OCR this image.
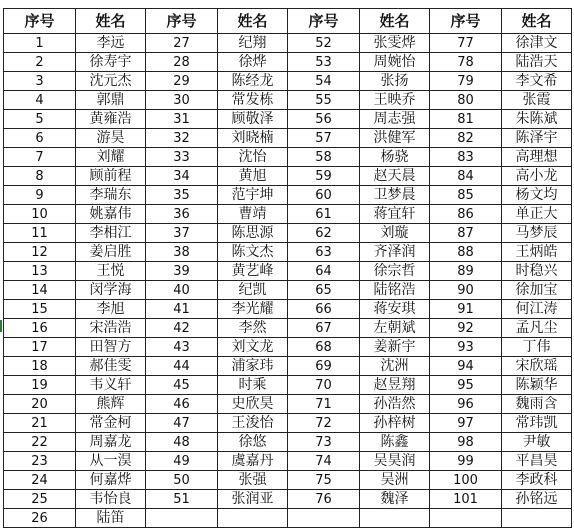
序号	姓名	序号	姓名	序号	姓名	序号	姓名
1	李远	27	纪翔	52	张雯烨	77	徐津文
2	徐寿宇	28	徐烨	53	周婉怡	78	陆浩天
3	沈元杰	29	陈经龙	54	张扬	79	李文希
4	郭鼎	30	常发栋	55	王映乔	80	张霞
5	黄雍浩	31	顾敬泽	56	周志强	81	朱陈斌
6	游昊	32	刘晓楠	57	洪健军	82	陈泽宇
7	刘耀	33	沈怡	58	杨骁	83	高理想
8	顾前程	34	黄旭	59	赵天晨	84	高小龙
9	李瑞东	35	范宇坤	60	卫梦晨	85	杨文均
10	姚嘉伟	36	曹靖	61	蒋宜轩	86	单正大
11	李相江	37	陈思源	62	刘璇	87	马梦辰
12	姜启胜	38	陈文杰	63	齐泽润	88	王炳皓
13	王悦	39	黄艺峰	64	徐宗哲	89	时稳兴
14	闵学海	40	纪凯	65	陆铭浩	90	徐加宝
15	李旭	41	李光耀	66	蒋安琪	91	何江涛
16	宋浩浩	42	李然	67	左朝斌	92	孟凡尘
17	田智方	43	刘文龙	68	姜新宇	93	丁伟
18	郝佳雯	44	浦家玮	69	沈洲	94	宋欣瑶
19	韦义轩	45	时乘	70	赵昱翔	95	陈颖华
20	熊辉	46	史欣昊	71	孙浩然	96	魏雨含
21	常金柯	47	王浚怡	72	孙梓树	97	常玮凯
22	周嘉龙	48	徐悠	73	陈鑫	98	尹敏
23	从一淏	49	虞嘉丹	74	吴昊润	99	平昌昊
24	何嘉烨	50	张强	75	吴洲	100	李政科
25	韦怡良	51	张润亚	76	魏泽	101	孙铭远
26	陆笛						
